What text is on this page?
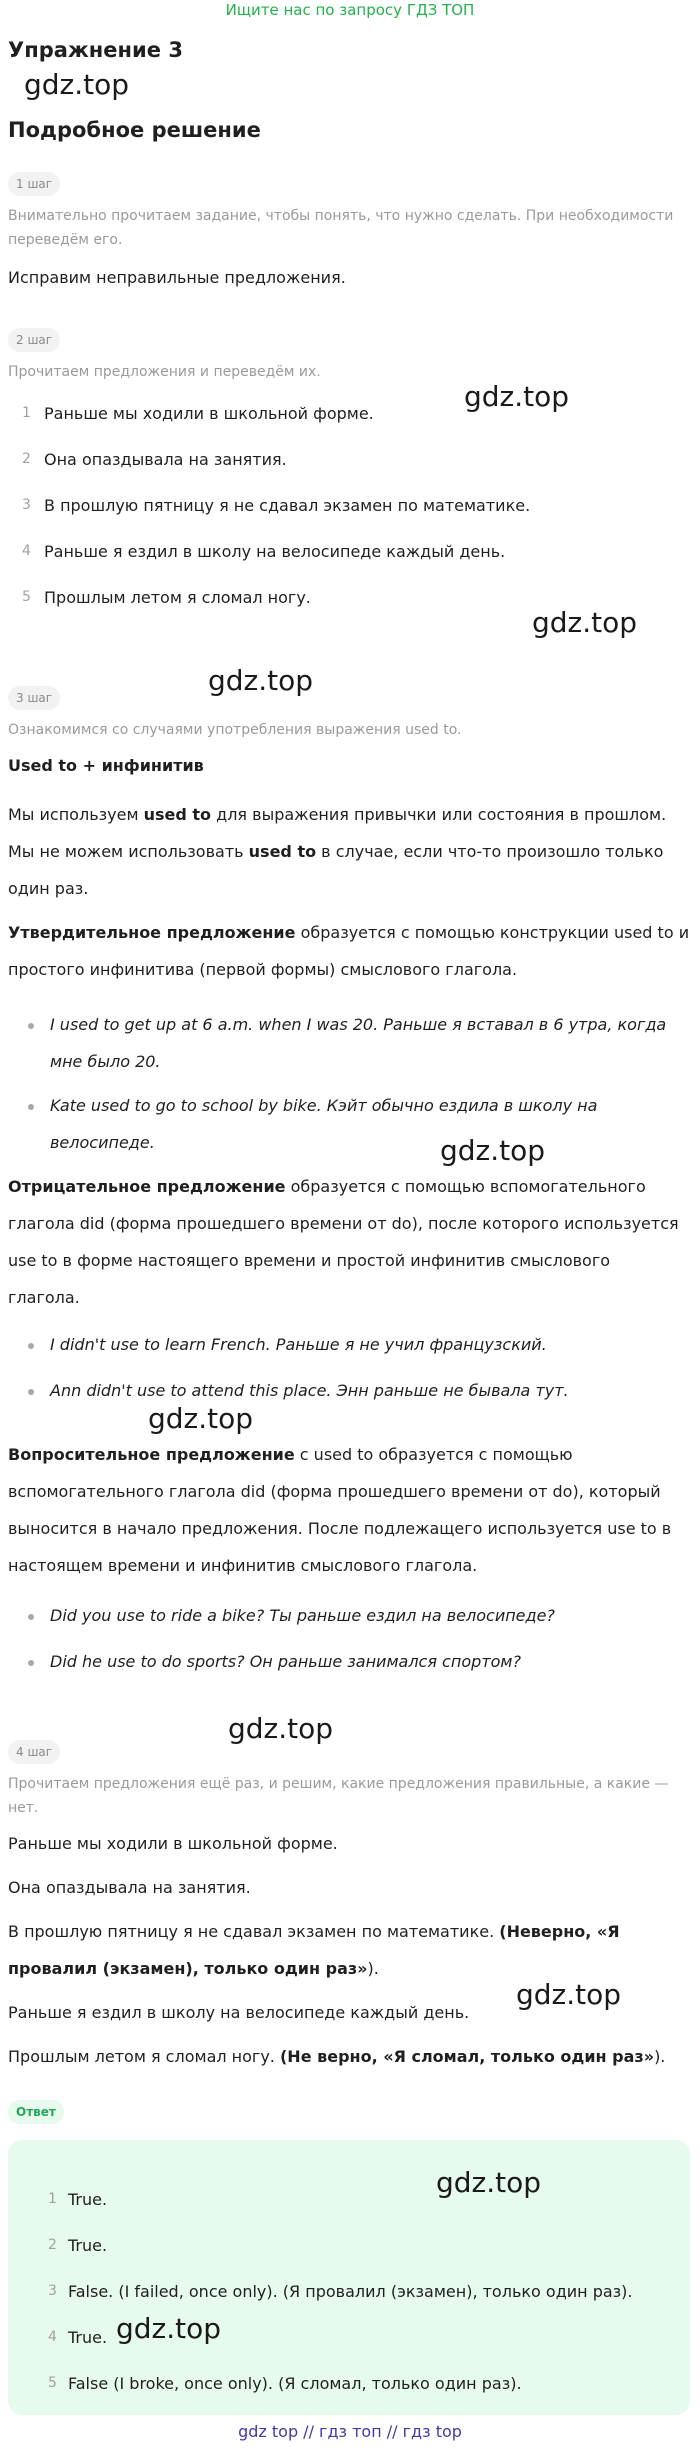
Ищите нас по запросу ГДЗ ТОП
Упражнение 3
gdz.top
Подробное решение
1 шаг
Внимательно прочитаем задание, чтобы понять, что нужно сделать. При необходимости
переведём его.
Исправим неправильные предложения.
2 шаг
Прочитаем предложения и переведём их.
gdz.top
1 Раньше мы ходили в школьной форме.
2 Она опаздывала на занятия.
3 В прошлую пятницу я не сдавал экзамен по математике.
4 Раньше я ездил в школу на велосипеде каждый день.
5 Прошлым летом я сломал ногу.
gdz.top
gdz.top
3 шаг
Ознакомимся со случаями употребления выражения used to.
Used to + инфинитив
Мы используем used to для выражения привычки или состояния в прошлом.
Мы не можем использовать used to в случае, если что-то произошло только
один раз.
Утвердительное предложение образуется с помощью конструкции used to и
простого инфинитива (первой формы) смыслового глагола.
I used to get up at 6 a.m. when I was 20. Раньше я вставал в 6 утра, когда
мне было 20.
Kate used to go to school by bike. Кэйт обычно ездила в школу на
велосипеде.	gdz.top
Отрицательное предложение образуется с помощью вспомогательного
глагола did (форма прошедшего времени от do), после которого используется
use to в форме настоящего времени и простой инфинитив смыслового
глагола.
I didn't use to learn French. Раньше я не учил французский.
Ann didn't use to attend this place. Энн раньше не бывала тут.
gdz.top
Вопросительное предложение с used to образуется с помощью
вспомогательного глагола did (форма прошедшего времени от do), который
выносится в начало предложения. После подлежащего используется use to в
настоящем времени и инфинитив смыслового глагола.
Did you use to ride a bike? Ты раньше ездил на велосипеде?
Did he use to do sports? Он раньше занимался спортом?
gdz.top
4 шаг
Прочитаем предложения ещё раз, и решим, какие предложения правильные, а какие —
нет.
Раньше мы ходили в школьной форме.
Она опаздывала на занятия.
В прошлую пятницу я не сдавал экзамен по математике. (Неверно, «Я
провалил (экзамен), только один раз»).
gdz.top
Раньше я ездил в школу на велосипеде каждый день.
Прошлым летом я сломал ногу. (Не верно, «Я сломал, только один раз»).
Ответ
gdz.top
1 True.
2 True.
3 False. (I failed, once only). (Я провалил (экзамен), только один раз).
4 True. gdz.top
5 False (I broke, once only). (Я сломал, только один раз).
gdz top // гдз топ // гдз top
